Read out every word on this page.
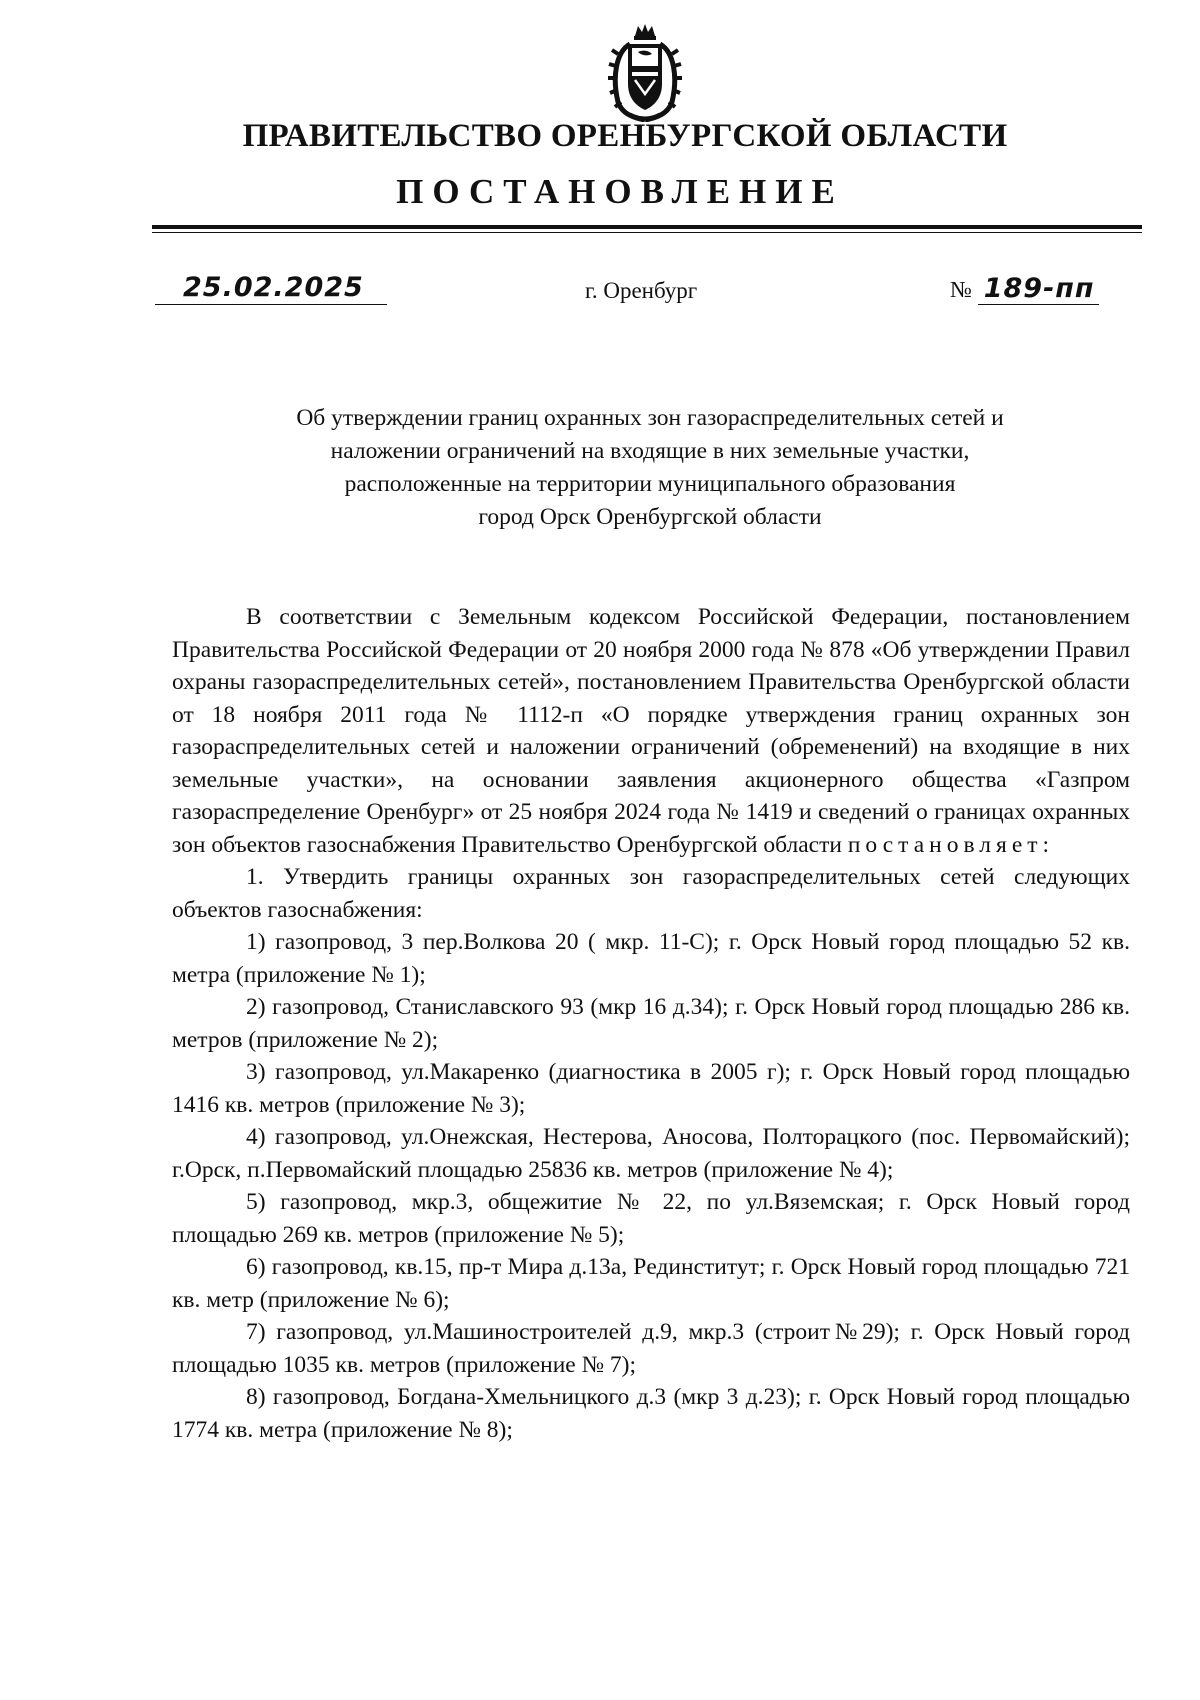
ПРАВИТЕЛЬСТВО ОРЕНБУРГСКОЙ ОБЛАСТИ
ПОСТАНОВЛЕНИЕ
25.02.2025	г. Оренбург	№ 189-пп

Об утверждении границ охранных зон газораспределительных сетей и

наложении ограничений на входящие в них земельные участки,

расположенные на территории муниципального образования

город Орск Оренбургской области

В соответствии с Земельным кодексом Российской Федерации, постановлением Правительства Российской Федерации от 20 ноября 2000 года № 878 «Об утверждении Правил охраны газораспределительных сетей», постановлением Правительства Оренбургской области от 18 ноября 2011 года № 1112-п «О порядке утверждения границ охранных зон газораспределительных сетей и наложении ограничений (обременений) на входящие в них земельные участки», на основании заявления акционерного общества «Газпром газораспределение Оренбург» от 25 ноября 2024 года № 1419 и сведений о границах охранных зон объектов газоснабжения Правительство Оренбургской области постановляет:

1. Утвердить границы охранных зон газораспределительных сетей следующих объектов газоснабжения:

1) газопровод, 3 пер.Волкова 20 ( мкр. 11-С); г. Орск Новый город площадью 52 кв. метра (приложение № 1);

2) газопровод, Станиславского 93 (мкр 16 д.34); г. Орск Новый город площадью 286 кв. метров (приложение № 2);

3) газопровод, ул.Макаренко (диагностика в 2005 г); г. Орск Новый город площадью 1416 кв. метров (приложение № 3);

4) газопровод, ул.Онежская, Нестерова, Аносова, Полторацкого (пос. Первомайский); г.Орск, п.Первомайский площадью 25836 кв. метров (приложение № 4);

5) газопровод, мкр.3, общежитие № 22, по ул.Вяземская; г. Орск Новый город площадью 269 кв. метров (приложение № 5);

6) газопровод, кв.15, пр-т Мира д.13а, Pединститут; г. Орск Новый город площадью 721 кв. метр (приложение № 6);

7) газопровод, ул.Машиностроителей д.9, мкр.3 (строит№29); г. Орск Новый город площадью 1035 кв. метров (приложение № 7);

8) газопровод, Богдана-Хмельницкого д.3 (мкр 3 д.23); г. Орск Новый город площадью 1774 кв. метра (приложение № 8);
